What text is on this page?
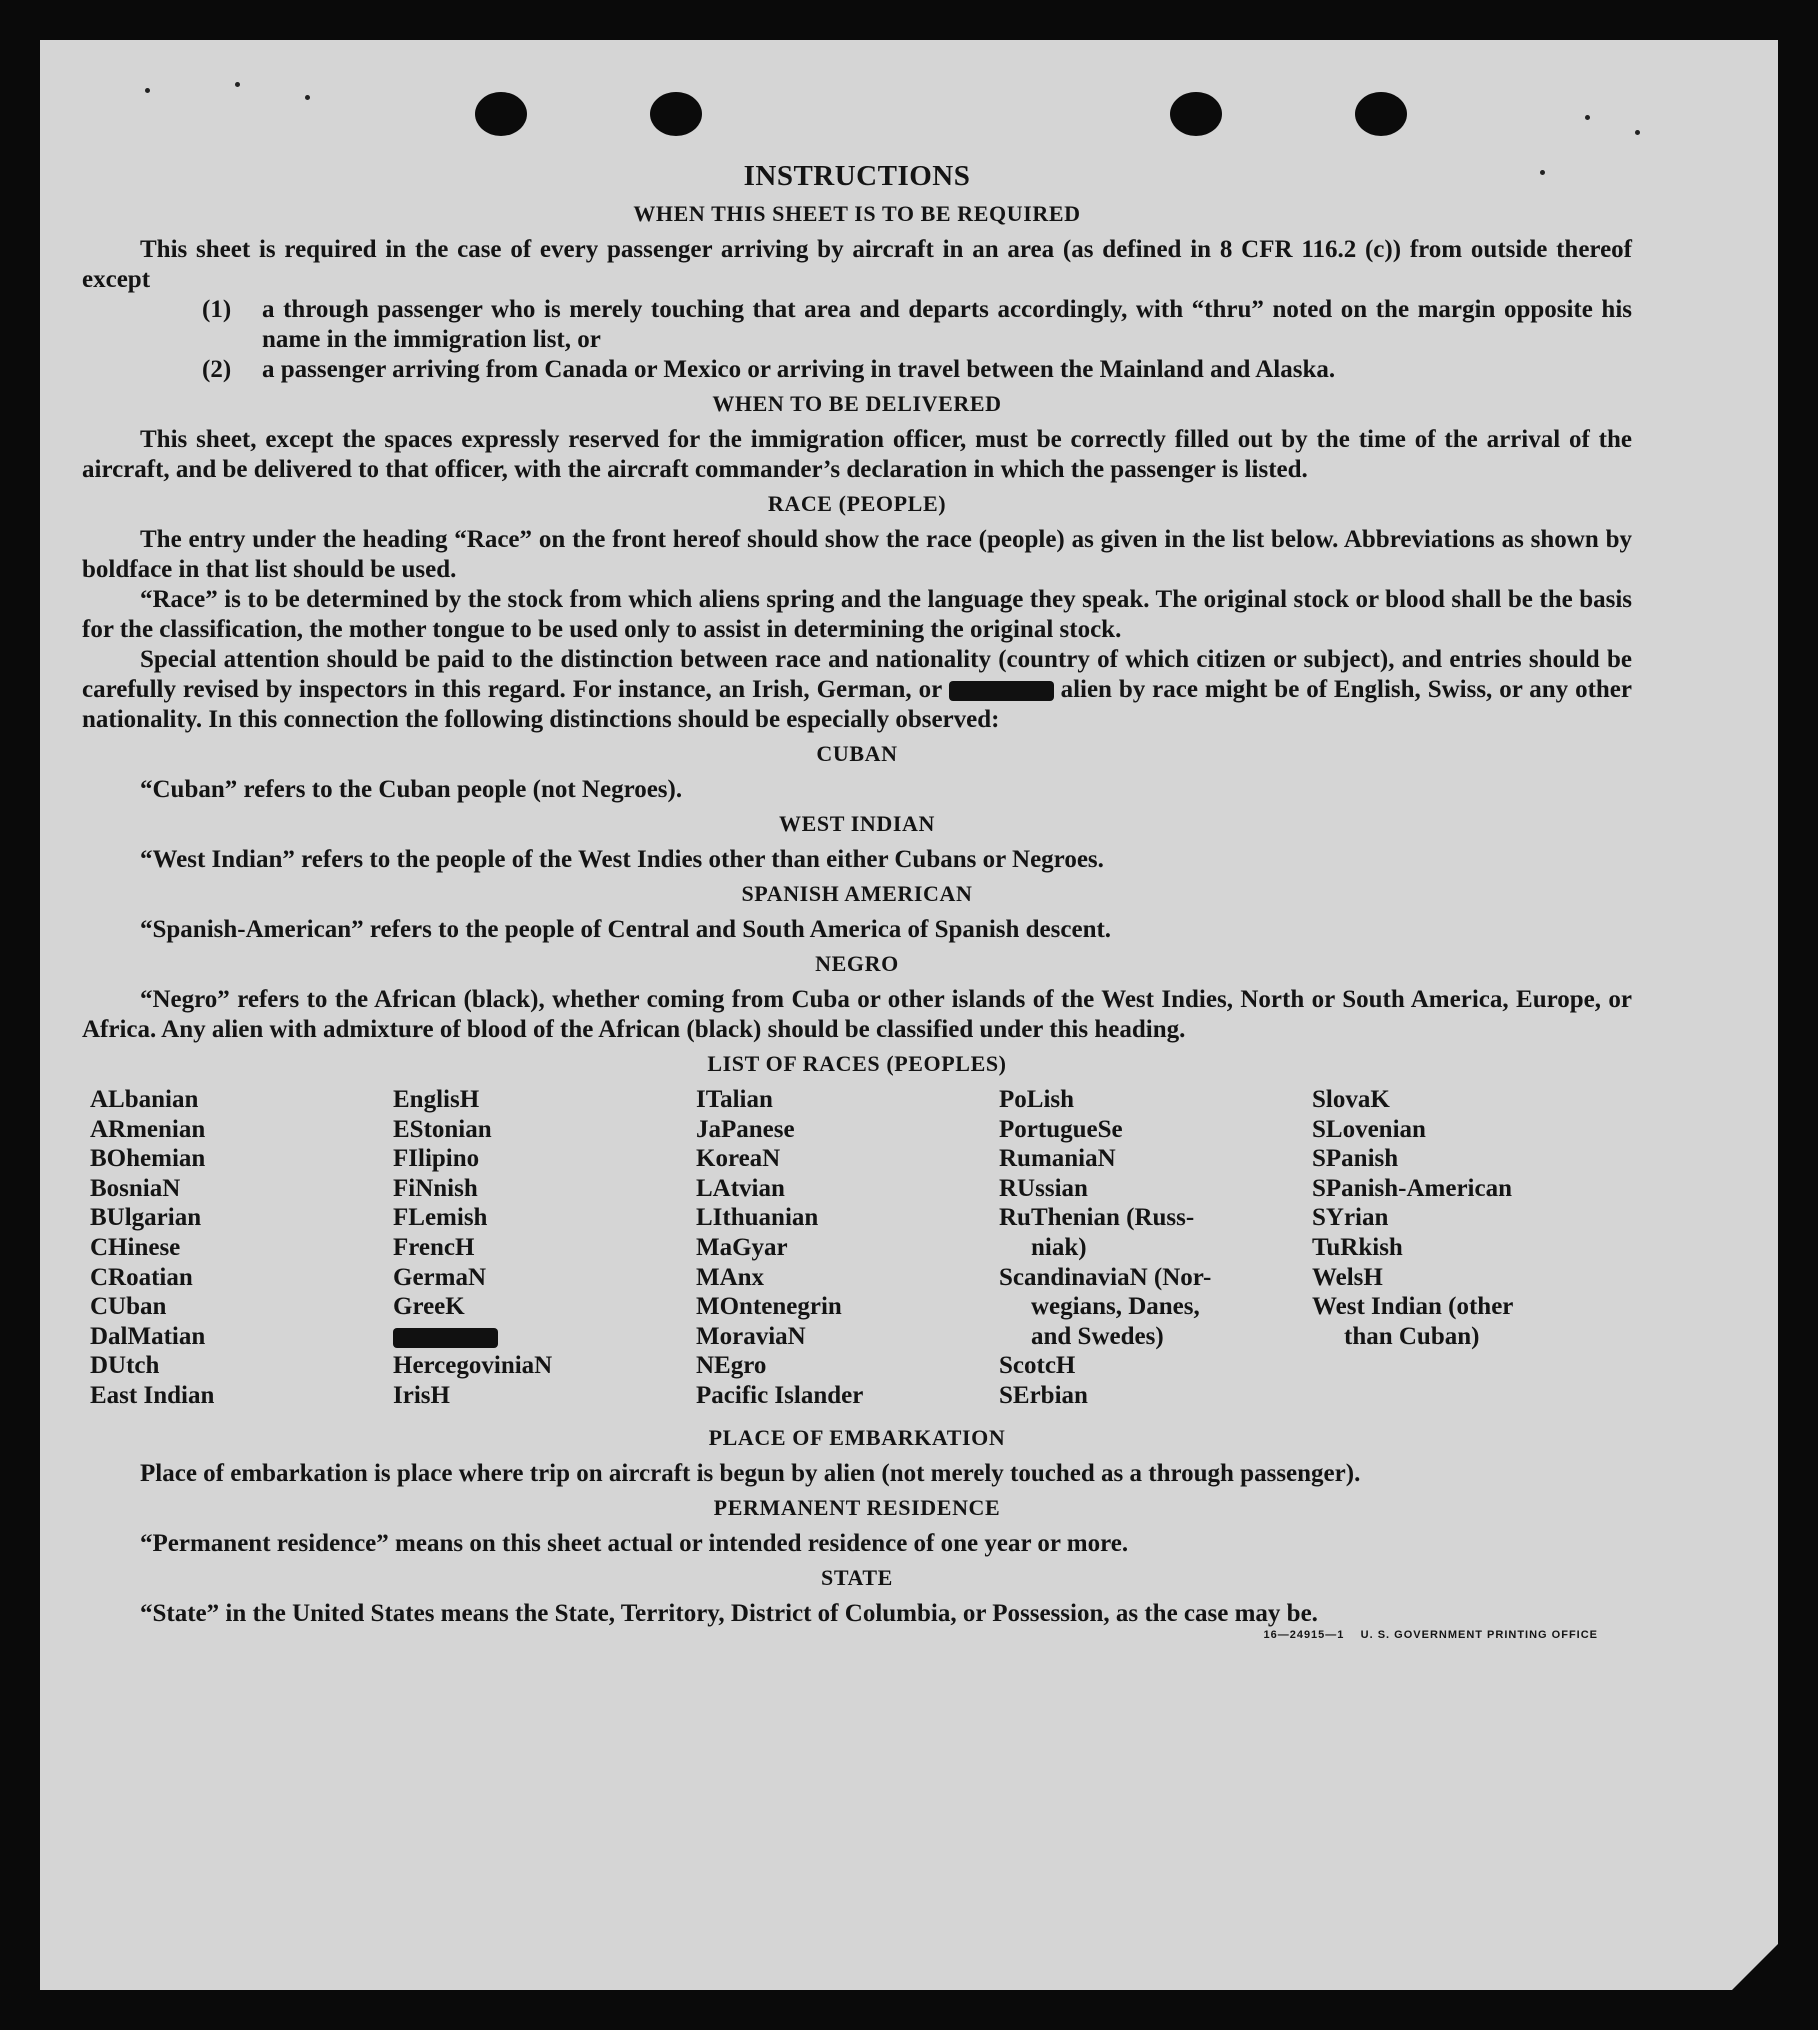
INSTRUCTIONS
WHEN THIS SHEET IS TO BE REQUIRED

This sheet is required in the case of every passenger arriving by aircraft in an area (as defined in 8 CFR 116.2 (c)) from outside thereof except

(1)	a through passenger who is merely touching that area and departs accordingly, with “thru” noted on the margin opposite his name in the immigration list, or
(2)	a passenger arriving from Canada or Mexico or arriving in travel between the Mainland and Alaska.
WHEN TO BE DELIVERED

This sheet, except the spaces expressly reserved for the immigration officer, must be correctly filled out by the time of the arrival of the aircraft, and be delivered to that officer, with the aircraft commander’s declaration in which the passenger is listed.

RACE (PEOPLE)

The entry under the heading “Race” on the front hereof should show the race (people) as given in the list below. Abbreviations as shown by boldface in that list should be used.

“Race” is to be determined by the stock from which aliens spring and the language they speak. The original stock or blood shall be the basis for the classification, the mother tongue to be used only to assist in determining the original stock.

Special attention should be paid to the distinction between race and nationality (country of which citizen or subject), and entries should be carefully revised by inspectors in this regard. For instance, an Irish, German, or	alien by race might be of English, Swiss, or any other nationality. In this connection the following distinctions should be especially observed:

CUBAN

“Cuban” refers to the Cuban people (not Negroes).

WEST INDIAN

“West Indian” refers to the people of the West Indies other than either Cubans or Negroes.

SPANISH AMERICAN

“Spanish-American” refers to the people of Central and South America of Spanish descent.

NEGRO

“Negro” refers to the African (black), whether coming from Cuba or other islands of the West Indies, North or South America, Europe, or Africa. Any alien with admixture of blood of the African (black) should be classified under this heading.

LIST OF RACES (PEOPLES)
ALbanian
ARmenian
BOhemian
BosniaN
BUlgarian
CHinese
CRoatian
CUban
DalMatian
DUtch
East Indian
EnglisH
EStonian
FIlipino
FiNnish
FLemish
FrencH
GermaN
GreeK
HercegoviniaN
IrisH
ITalian
JaPanese
KoreaN
LAtvian
LIthuanian
MaGyar
MAnx
MOntenegrin
MoraviaN
NEgro
Pacific Islander
PoLish
PortugueSe
RumaniaN
RUssian
RuThenian (Russ-
niak)
ScandinaviaN (Nor-
wegians, Danes,
and Swedes)
ScotcH
SErbian
SlovaK
SLovenian
SPanish
SPanish-American
SYrian
TuRkish
WelsH
West Indian (other
than Cuban)
PLACE OF EMBARKATION

Place of embarkation is place where trip on aircraft is begun by alien (not merely touched as a through passenger).

PERMANENT RESIDENCE

“Permanent residence” means on this sheet actual or intended residence of one year or more.

STATE

“State” in the United States means the State, Territory, District of Columbia, or Possession, as the case may be.

16—24915—1 U. S. GOVERNMENT PRINTING OFFICE
